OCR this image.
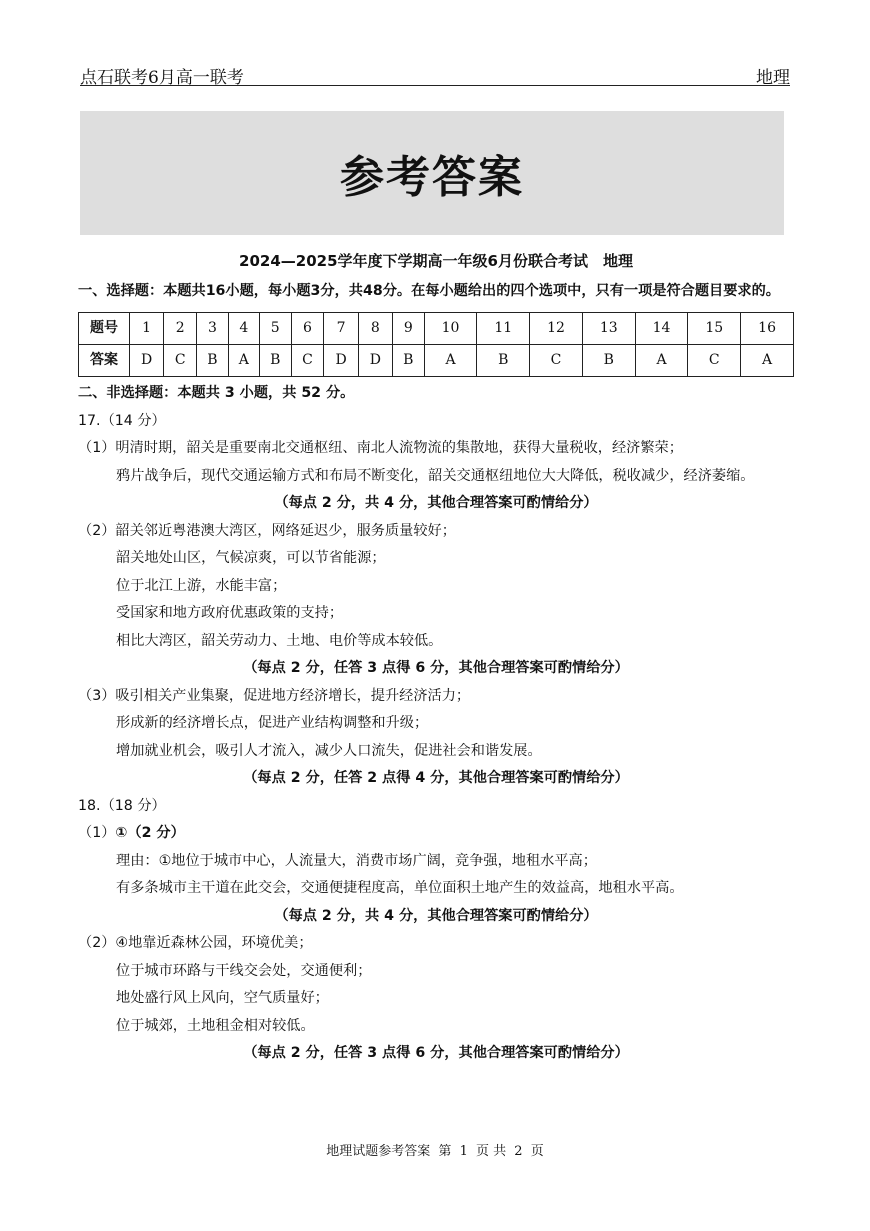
点石联考6月高一联考	地理
参考答案

2024—2025学年度下学期高一年级6月份联合考试　地理

一、选择题：本题共16小题，每小题3分，共48分。在每小题给出的四个选项中，只有一项是符合题目要求的。

题号	1	2	3	4	5	6	7	8	9	10	11	12	13	14	15	16
答案	D	C	B	A	B	C	D	D	B	A	B	C	B	A	C	A

二、非选择题：本题共 3 小题，共 52 分。

17.（14 分）

（1）明清时期，韶关是重要南北交通枢纽、南北人流物流的集散地，获得大量税收，经济繁荣；

鸦片战争后，现代交通运输方式和布局不断变化，韶关交通枢纽地位大大降低，税收减少，经济萎缩。

（每点 2 分，共 4 分，其他合理答案可酌情给分）

（2）韶关邻近粤港澳大湾区，网络延迟少，服务质量较好；

韶关地处山区，气候凉爽，可以节省能源；

位于北江上游，水能丰富；

受国家和地方政府优惠政策的支持；

相比大湾区，韶关劳动力、土地、电价等成本较低。

（每点 2 分，任答 3 点得 6 分，其他合理答案可酌情给分）

（3）吸引相关产业集聚，促进地方经济增长，提升经济活力；

形成新的经济增长点，促进产业结构调整和升级；

增加就业机会，吸引人才流入，减少人口流失，促进社会和谐发展。

（每点 2 分，任答 2 点得 4 分，其他合理答案可酌情给分）

18.（18 分）

（1）①（2 分）

理由：①地位于城市中心，人流量大，消费市场广阔，竞争强，地租水平高；

有多条城市主干道在此交会，交通便捷程度高，单位面积土地产生的效益高，地租水平高。

（每点 2 分，共 4 分，其他合理答案可酌情给分）

（2）④地靠近森林公园，环境优美；

位于城市环路与干线交会处，交通便利；

地处盛行风上风向，空气质量好；

位于城郊，土地租金相对较低。

（每点 2 分，任答 3 点得 6 分，其他合理答案可酌情给分）

地理试题参考答案 第 1 页 共 2 页
